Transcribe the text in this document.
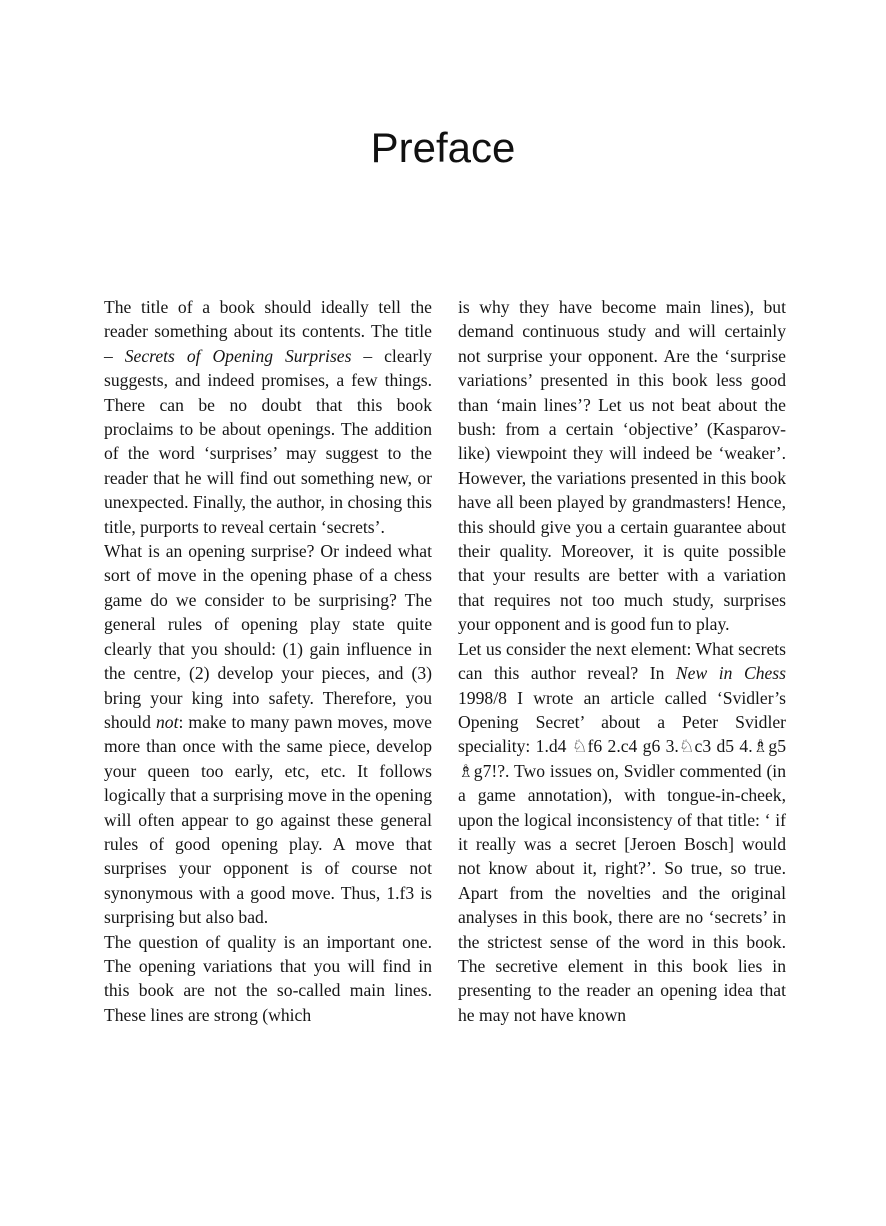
Preface

The title of a book should ideally tell the reader something about its contents. The title – Secrets of Opening Surprises – clearly suggests, and indeed promises, a few things. There can be no doubt that this book proclaims to be about openings. The addition of the word ‘surprises’ may suggest to the reader that he will find out something new, or unexpected. Finally, the author, in chosing this title, purports to reveal certain ‘secrets’.

What is an opening surprise? Or indeed what sort of move in the opening phase of a chess game do we consider to be surprising? The general rules of opening play state quite clearly that you should: (1) gain influence in the centre, (2) develop your pieces, and (3) bring your king into safety. Therefore, you should not: make to many pawn moves, move more than once with the same piece, develop your queen too early, etc, etc. It follows logically that a surprising move in the opening will often appear to go against these general rules of good opening play. A move that surprises your opponent is of course not synonymous with a good move. Thus, 1.f3 is surprising but also bad.

The question of quality is an important one. The opening variations that you will find in this book are not the so-called main lines. These lines are strong (which

is why they have become main lines), but demand continuous study and will certainly not surprise your opponent. Are the ‘surprise variations’ presented in this book less good than ‘main lines’? Let us not beat about the bush: from a certain ‘objective’ (Kasparov-like) viewpoint they will indeed be ‘weaker’. However, the variations presented in this book have all been played by grandmasters! Hence, this should give you a certain guarantee about their quality. Moreover, it is quite possible that your results are better with a variation that requires not too much study, surprises your opponent and is good fun to play.

Let us consider the next element: What secrets can this author reveal? In New in Chess 1998/8 I wrote an article called ‘Svidler’s Opening Secret’ about a Peter Svidler speciality: 1.d4 ♘f6 2.c4 g6 3.♘c3 d5 4.♗g5 ♗g7!?. Two issues on, Svidler commented (in a game annotation), with tongue-in-cheek, upon the logical inconsistency of that title: ‘ if it really was a secret [Jeroen Bosch] would not know about it, right?’. So true, so true. Apart from the novelties and the original analyses in this book, there are no ‘secrets’ in the strictest sense of the word in this book. The secretive element in this book lies in presenting to the reader an opening idea that he may not have known
